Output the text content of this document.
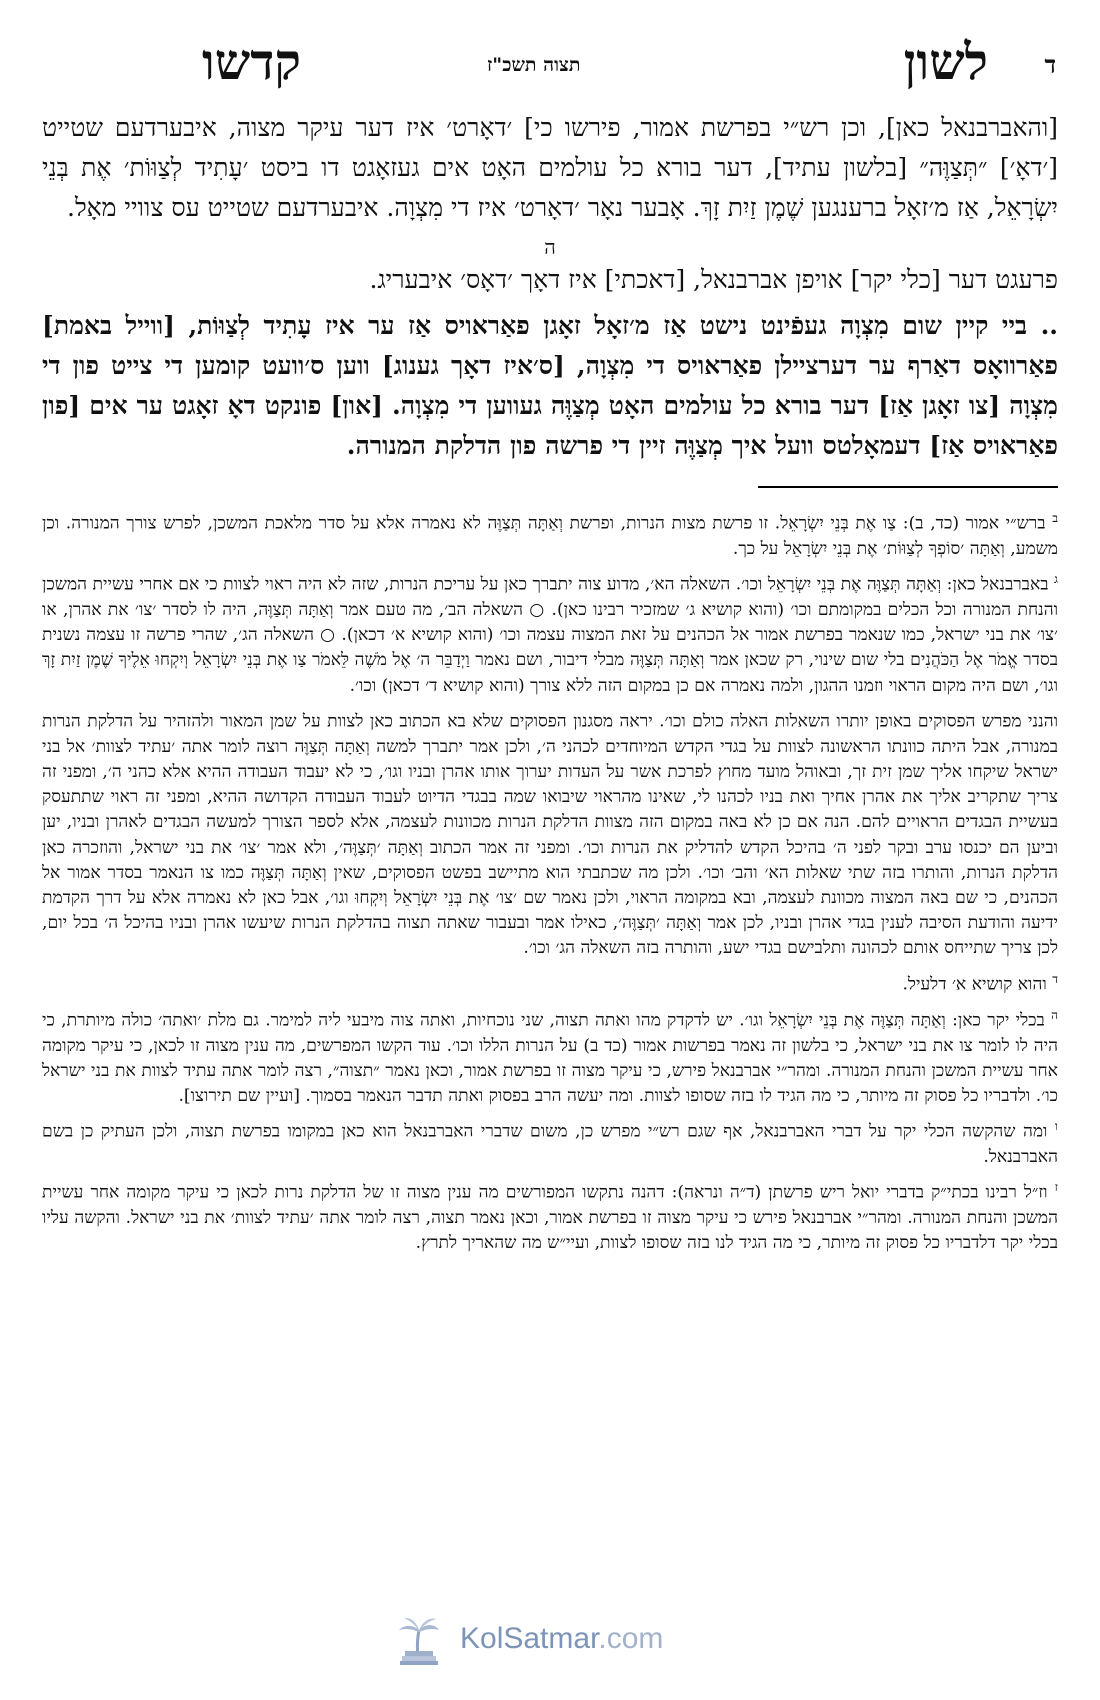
ד
לשון
תצוה תשכ"ז
קדשו

[והאברבנאל כאן], וכן רש״י בפרשת אמור, פירשו כי] ׳דאָרט׳ איז דער עיקר מצוה, איבערדעם שטייט [׳דאָ׳] ״תְּצַוֶּה״ [בלשון עתיד], דער בורא כל עולמים האָט אים געזאָגט דו ביסט ׳עָתִיד לְצַוּוֹת׳ אֶת בְּנֵי יִשְׂרָאֵל, אַז מ׳זאָל ברענגען שֶׁמֶן זַיִת זָךְ. אָבער נאָר ׳דאָרט׳ איז די מִצְוָה. איבערדעם שטייט עס צוויי מאָל.

ה

פרעגט דער [כלי יקר] אויפן אברבנאל, [דאכתי] איז דאָך ׳דאָס׳ איבעריג.

.. ביי קיין שום מִצְוָה געפֿינט נישט אַז מ׳זאָל זאָגן פאַראויס אַז ער איז עָתִיד לְצַוּוֹת, [ווייל באמת] פאַרוואָס דאַרף ער דערציילן פאַראויס די מִצְוָה, [ס׳איז דאָך גענוג] ווען ס׳וועט קומען די צייט פון די מִצְוָה [צו זאָגן אַז] דער בורא כל עולמים האָט מְצַוֶּה געווען די מִצְוָה. [און] פונקט דאָ זאָגט ער אים [פון פאַראויס אַז] דעמאָלטס וועל איך מְצַוֶּה זיין די פרשה פון הדלקת המנורה.

$^ב$ ברש״י אמור (כד, ב): צַו אֶת בְּנֵי יִשְׂרָאֵל. זו פרשת מצות הנרות, ופרשת וְאַתָּה תְּצַוֶּה לא נאמרה אלא על סדר מלאכת המשכן, לפרש צורך המנורה. וכן משמע, וְאַתָּה ׳סוֹפְךָ לְצַוּוֹת׳ אֶת בְּנֵי יִשְׂרָאֵל על כך.

$^ג$ באברבנאל כאן: וְאַתָּה תְּצַוֶּה אֶת בְּנֵי יִשְׂרָאֵל וכו׳. השאלה הא׳, מדוע צוה יתברך כאן על עריכת הנרות, שזה לא היה ראוי לצוות כי אם אחרי עשיית המשכן והנחת המנורה וכל הכלים במקומתם וכו׳ (והוא קושיא ג׳ שמזכיר רבינו כאן). ○ השאלה הב׳, מה טעם אמר וְאַתָּה תְּצַוֶּה, היה לו לסדר ׳צו׳ את אהרן, או ׳צו׳ את בני ישראל, כמו שנאמר בפרשת אמור אל הכהנים על זאת המצוה עצמה וכו׳ (והוא קושיא א׳ דכאן). ○ השאלה הג׳, שהרי פרשה זו עצמה נשנית בסדר אֱמֹר אֶל הַכֹּהֲנִים בלי שום שינוי, רק שכאן אמר וְאַתָּה תְּצַוֶּה מבלי דיבור, ושם נאמר וַיְדַבֵּר ה׳ אֶל מֹשֶׁה לֵּאמֹר צַו אֶת בְּנֵי יִשְׂרָאֵל וְיִקְחוּ אֵלֶיךָ שֶׁמֶן זַיִת זָךְ וגו׳, ושם היה מקום הראוי וזמנו ההגון, ולמה נאמרה אם כן במקום הזה ללא צורך (והוא קושיא ד׳ דכאן) וכו׳.

והנני מפרש הפסוקים באופן יותרו השאלות האלה כולם וכו׳. יראה מסגנון הפסוקים שלא בא הכתוב כאן לצוות על שמן המאור ולהזהיר על הדלקת הנרות במנורה, אבל היתה כוונתו הראשונה לצוות על בגדי הקדש המיוחדים לכהני ה׳, ולכן אמר יתברך למשה וְאַתָּה תְּצַוֶּה רוצה לומר אתה ׳עתיד לצוות׳ אל בני ישראל שיקחו אליך שמן זית זך, ובאוהל מועד מחוץ לפרכת אשר על העדות יערוך אותו אהרן ובניו וגו׳, כי לא יעבוד העבודה ההיא אלא כהני ה׳, ומפני זה צריך שתקריב אליך את אהרן אחיך ואת בניו לכהנו לי, שאינו מהראוי שיבואו שמה בבגדי הדיוט לעבוד העבודה הקדושה ההיא, ומפני זה ראוי שתתעסק בעשיית הבגדים הראויים להם. הנה אם כן לא באה במקום הזה מצוות הדלקת הנרות מכוונות לעצמה, אלא לספר הצורך למעשה הבגדים לאהרן ובניו, יען וביען הם יכנסו ערב ובקר לפני ה׳ בהיכל הקדש להדליק את הנרות וכו׳. ומפני זה אמר הכתוב וְאַתָּה ׳תְּצַוֶּה׳, ולא אמר ׳צו׳ את בני ישראל, והוזכרה כאן הדלקת הנרות, והותרו בזה שתי שאלות הא׳ והב׳ וכו׳. ולכן מה שכתבתי הוא מתיישב בפשט הפסוקים, שאין וְאַתָּה תְּצַוֶּה כמו צו הנאמר בסדר אמור אל הכהנים, כי שם באה המצוה מכוונת לעצמה, ובא במקומה הראוי, ולכן נאמר שם ׳צו׳ אֶת בְּנֵי יִשְׂרָאֵל וְיִקְחוּ וגו׳, אבל כאן לא נאמרה אלא על דרך הקדמת ידיעה והודעת הסיבה לענין בגדי אהרן ובניו, לכן אמר וְאַתָּה ׳תְּצַוֶּה׳, כאילו אמר ובעבור שאתה תצוה בהדלקת הנרות שיעשו אהרן ובניו בהיכל ה׳ בכל יום, לכן צריך שתייחס אותם לכהונה ותלבישם בגדי ישע, והותרה בזה השאלה הג׳ וכו׳.

$^ד$ והוא קושיא א׳ דלעיל.

$^ה$ בכלי יקר כאן: וְאַתָּה תְּצַוֶּה אֶת בְּנֵי יִשְׂרָאֵל וגו׳. יש לדקדק מהו ואתה תצוה, שני נוכחיות, ואתה צוה מיבעי ליה למימר. גם מלת ׳ואתה׳ כולה מיותרת, כי היה לו לומר צו את בני ישראל, כי בלשון זה נאמר בפרשות אמור (כד ב) על הנרות הללו וכו׳. עוד הקשו המפרשים, מה ענין מצוה זו לכאן, כי עיקר מקומה אחר עשיית המשכן והנחת המנורה. ומהר״י אברבנאל פירש, כי עיקר מצוה זו בפרשת אמור, וכאן נאמר ״תצוה״, רצה לומר אתה עתיד לצוות את בני ישראל כו׳. ולדבריו כל פסוק זה מיותר, כי מה הגיד לו בזה שסופו לצוות. ומה יעשה הרב בפסוק ואתה תדבר הנאמר בסמוך. [ועיין שם תירוצו].

$^ו$ ומה שהקשה הכלי יקר על דברי האברבנאל, אף שגם רש״י מפרש כן, משום שדברי האברבנאל הוא כאן במקומו בפרשת תצוה, ולכן העתיק כן בשם האברבנאל.

$^ז$ וז״ל רבינו בכתי״ק בדברי יואל ריש פרשתן (ד״ה ונראה): דהנה נתקשו המפורשים מה ענין מצוה זו של הדלקת נרות לכאן כי עיקר מקומה אחר עשיית המשכן והנחת המנורה. ומהר״י אברבנאל פירש כי עיקר מצוה זו בפרשת אמור, וכאן נאמר תצוה, רצה לומר אתה ׳עתיד לצוות׳ את בני ישראל. והקשה עליו בכלי יקר דלדבריו כל פסוק זה מיותר, כי מה הגיד לנו בזה שסופו לצוות, ועיי״ש מה שהאריך לתרץ.

KolSatmar.com
